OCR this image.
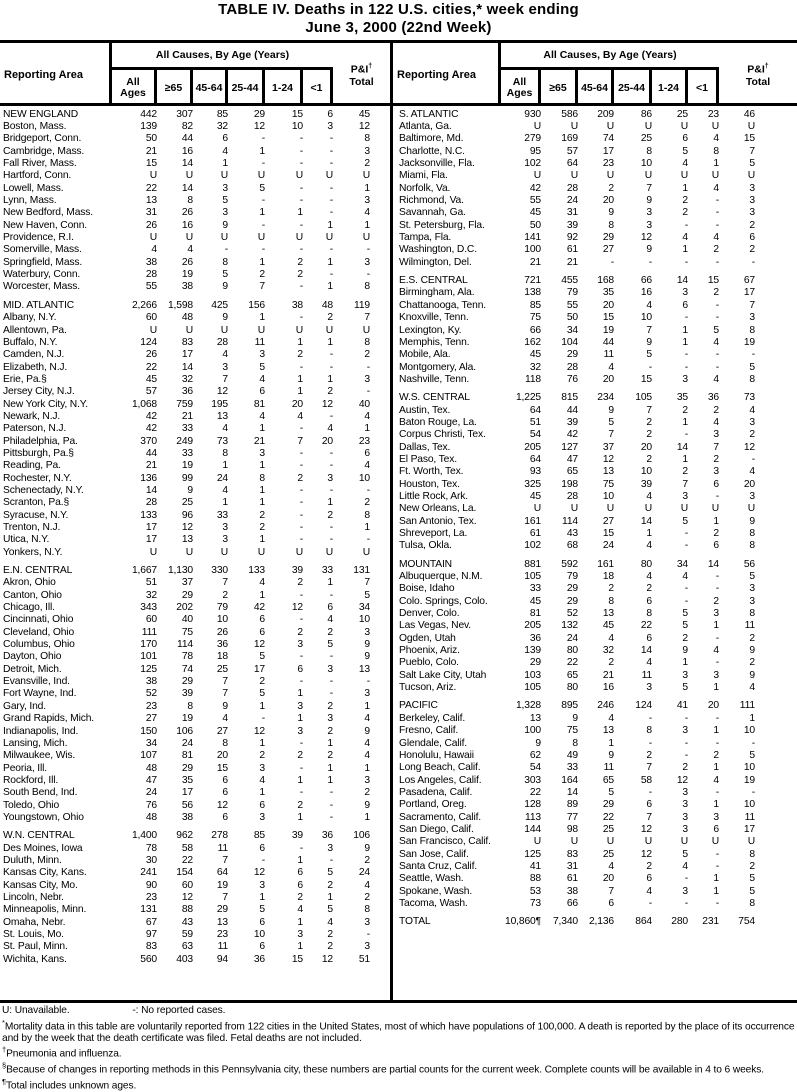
TABLE IV. Deaths in 122 U.S. cities,* week ending
June 3, 2000 (22nd Week)
Reporting Area
All Causes, By Age (Years)
All Ages	≥65	45-64 25-44	1-24	<1
P&I†
Total
NEW ENGLAND	442	307	85	29	15	6	45
Boston, Mass.	139	82	32	12	10	3	12
Bridgeport, Conn.	50	44	6	-	-	-	8
Cambridge, Mass.	21	16	4	1	-	-	3
Fall River, Mass.	15	14	1	-	-	-	2
Hartford, Conn.	U	U	U	U	U	U	U
Lowell, Mass.	22	14	3	5	-	-	1
Lynn, Mass.	13	8	5	-	-	-	3
New Bedford, Mass.	31	26	3	1	1	-	4
New Haven, Conn.	26	16	9	-	-	1	1
Providence, R.I.	U	U	U	U	U	U	U
Somerville, Mass.	4	4	-	-	-	-	-
Springfield, Mass.	38	26	8	1	2	1	3
Waterbury, Conn.	28	19	5	2	2	-	-
Worcester, Mass.	55	38	9	7	-	1	8
MID. ATLANTIC	2,266	1,598	425	156	38	48	119
Albany, N.Y.	60	48	9	1	-	2	7
Allentown, Pa.	U	U	U	U	U	U	U
Buffalo, N.Y.	124	83	28	11	1	1	8
Camden, N.J.	26	17	4	3	2	-	2
Elizabeth, N.J.	22	14	3	5	-	-	-
Erie, Pa.§	45	32	7	4	1	1	3
Jersey City, N.J.	57	36	12	6	1	2	-
New York City, N.Y.	1,068	759	195	81	20	12	40
Newark, N.J.	42	21	13	4	4	-	4
Paterson, N.J.	42	33	4	1	-	4	1
Philadelphia, Pa.	370	249	73	21	7	20	23
Pittsburgh, Pa.§	44	33	8	3	-	-	6
Reading, Pa.	21	19	1	1	-	-	4
Rochester, N.Y.	136	99	24	8	2	3	10
Schenectady, N.Y.	14	9	4	1	-	-	-
Scranton, Pa.§	28	25	1	1	-	1	2
Syracuse, N.Y.	133	96	33	2	-	2	8
Trenton, N.J.	17	12	3	2	-	-	1
Utica, N.Y.	17	13	3	1	-	-	-
Yonkers, N.Y.	U	U	U	U	U	U	U
E.N. CENTRAL	1,667	1,130	330	133	39	33	131
Akron, Ohio	51	37	7	4	2	1	7
Canton, Ohio	32	29	2	1	-	-	5
Chicago, Ill.	343	202	79	42	12	6	34
Cincinnati, Ohio	60	40	10	6	-	4	10
Cleveland, Ohio	111	75	26	6	2	2	3
Columbus, Ohio	170	114	36	12	3	5	9
Dayton, Ohio	101	78	18	5	-	-	9
Detroit, Mich.	125	74	25	17	6	3	13
Evansville, Ind.	38	29	7	2	-	-	-
Fort Wayne, Ind.	52	39	7	5	1	-	3
Gary, Ind.	23	8	9	1	3	2	1
Grand Rapids, Mich.	27	19	4	-	1	3	4
Indianapolis, Ind.	150	106	27	12	3	2	9
Lansing, Mich.	34	24	8	1	-	1	4
Milwaukee, Wis.	107	81	20	2	2	2	4
Peoria, Ill.	48	29	15	3	-	1	1
Rockford, Ill.	47	35	6	4	1	1	3
South Bend, Ind.	24	17	6	1	-	-	2
Toledo, Ohio	76	56	12	6	2	-	9
Youngstown, Ohio	48	38	6	3	1	-	1
W.N. CENTRAL	1,400	962	278	85	39	36	106
Des Moines, Iowa	78	58	11	6	-	3	9
Duluth, Minn.	30	22	7	-	1	-	2
Kansas City, Kans.	241	154	64	12	6	5	24
Kansas City, Mo.	90	60	19	3	6	2	4
Lincoln, Nebr.	23	12	7	1	2	1	2
Minneapolis, Minn.	131	88	29	5	4	5	8
Omaha, Nebr.	67	43	13	6	1	4	3
St. Louis, Mo.	97	59	23	10	3	2	-
St. Paul, Minn.	83	63	11	6	1	2	3
Wichita, Kans.	560	403	94	36	15	12	51
Reporting Area
All Causes, By Age (Years)
All Ages	≥65	45-64 25-44	1-24	<1
P&I†
Total
S. ATLANTIC	930	586	209	86	25	23	46
Atlanta, Ga.	U	U	U	U	U	U	U
Baltimore, Md.	279	169	74	25	6	4	15
Charlotte, N.C.	95	57	17	8	5	8	7
Jacksonville, Fla.	102	64	23	10	4	1	5
Miami, Fla.	U	U	U	U	U	U	U
Norfolk, Va.	42	28	2	7	1	4	3
Richmond, Va.	55	24	20	9	2	-	3
Savannah, Ga.	45	31	9	3	2	-	3
St. Petersburg, Fla.	50	39	8	3	-	-	2
Tampa, Fla.	141	92	29	12	4	4	6
Washington, D.C.	100	61	27	9	1	2	2
Wilmington, Del.	21	21	-	-	-	-	-
E.S. CENTRAL	721	455	168	66	14	15	67
Birmingham, Ala.	138	79	35	16	3	2	17
Chattanooga, Tenn.	85	55	20	4	6	-	7
Knoxville, Tenn.	75	50	15	10	-	-	3
Lexington, Ky.	66	34	19	7	1	5	8
Memphis, Tenn.	162	104	44	9	1	4	19
Mobile, Ala.	45	29	11	5	-	-	-
Montgomery, Ala.	32	28	4	-	-	-	5
Nashville, Tenn.	118	76	20	15	3	4	8
W.S. CENTRAL	1,225	815	234	105	35	36	73
Austin, Tex.	64	44	9	7	2	2	4
Baton Rouge, La.	51	39	5	2	1	4	3
Corpus Christi, Tex.	54	42	7	2	-	3	2
Dallas, Tex.	205	127	37	20	14	7	12
El Paso, Tex.	64	47	12	2	1	2	-
Ft. Worth, Tex.	93	65	13	10	2	3	4
Houston, Tex.	325	198	75	39	7	6	20
Little Rock, Ark.	45	28	10	4	3	-	3
New Orleans, La.	U	U	U	U	U	U	U
San Antonio, Tex.	161	114	27	14	5	1	9
Shreveport, La.	61	43	15	1	-	2	8
Tulsa, Okla.	102	68	24	4	-	6	8
MOUNTAIN	881	592	161	80	34	14	56
Albuquerque, N.M.	105	79	18	4	4	-	5
Boise, Idaho	33	29	2	2	-	-	3
Colo. Springs, Colo.	45	29	8	6	-	2	3
Denver, Colo.	81	52	13	8	5	3	8
Las Vegas, Nev.	205	132	45	22	5	1	11
Ogden, Utah	36	24	4	6	2	-	2
Phoenix, Ariz.	139	80	32	14	9	4	9
Pueblo, Colo.	29	22	2	4	1	-	2
Salt Lake City, Utah	103	65	21	11	3	3	9
Tucson, Ariz.	105	80	16	3	5	1	4
PACIFIC	1,328	895	246	124	41	20	111
Berkeley, Calif.	13	9	4	-	-	-	1
Fresno, Calif.	100	75	13	8	3	1	10
Glendale, Calif.	9	8	1	-	-	-	-
Honolulu, Hawaii	62	49	9	2	-	2	5
Long Beach, Calif.	54	33	11	7	2	1	10
Los Angeles, Calif.	303	164	65	58	12	4	19
Pasadena, Calif.	22	14	5	-	3	-	-
Portland, Oreg.	128	89	29	6	3	1	10
Sacramento, Calif.	113	77	22	7	3	3	11
San Diego, Calif.	144	98	25	12	3	6	17
San Francisco, Calif.	U	U	U	U	U	U	U
San Jose, Calif.	125	83	25	12	5	-	8
Santa Cruz, Calif.	41	31	4	2	4	-	2
Seattle, Wash.	88	61	20	6	-	1	5
Spokane, Wash.	53	38	7	4	3	1	5
Tacoma, Wash.	73	66	6	-	-	-	8
TOTAL	10,860¶	7,340	2,136	864	280	231	754
U: Unavailable.	-: No reported cases.
*Mortality data in this table are voluntarily reported from 122 cities in the United States, most of which have populations of 100,000. A death is reported by the place of its occurrence and by the week that the death certificate was filed. Fetal deaths are not included.
†Pneumonia and influenza.
§Because of changes in reporting methods in this Pennsylvania city, these numbers are partial counts for the current week. Complete counts will be available in 4 to 6 weeks.
¶Total includes unknown ages.
